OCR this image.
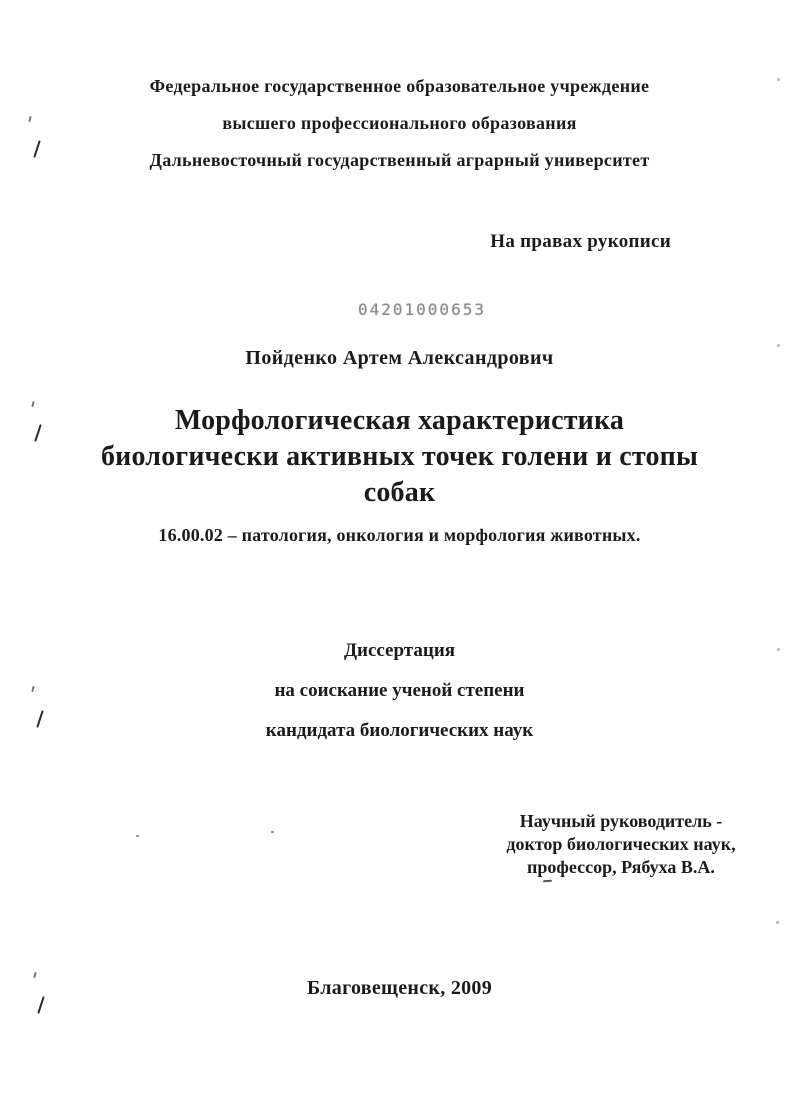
Федеральное государственное образовательное учреждение
высшего профессионального образования
Дальневосточный государственный аграрный университет
На правах рукописи
04201000653
Пойденко Артем Александрович
Морфологическая характеристика
биологически активных точек голени и стопы
собак
16.00.02 – патология, онкология и морфология животных.
Диссертация
на соискание ученой степени
кандидата биологических наук
Научный руководитель -
доктор биологических наук,
профессор, Рябуха В.А.
Благовещенск, 2009
